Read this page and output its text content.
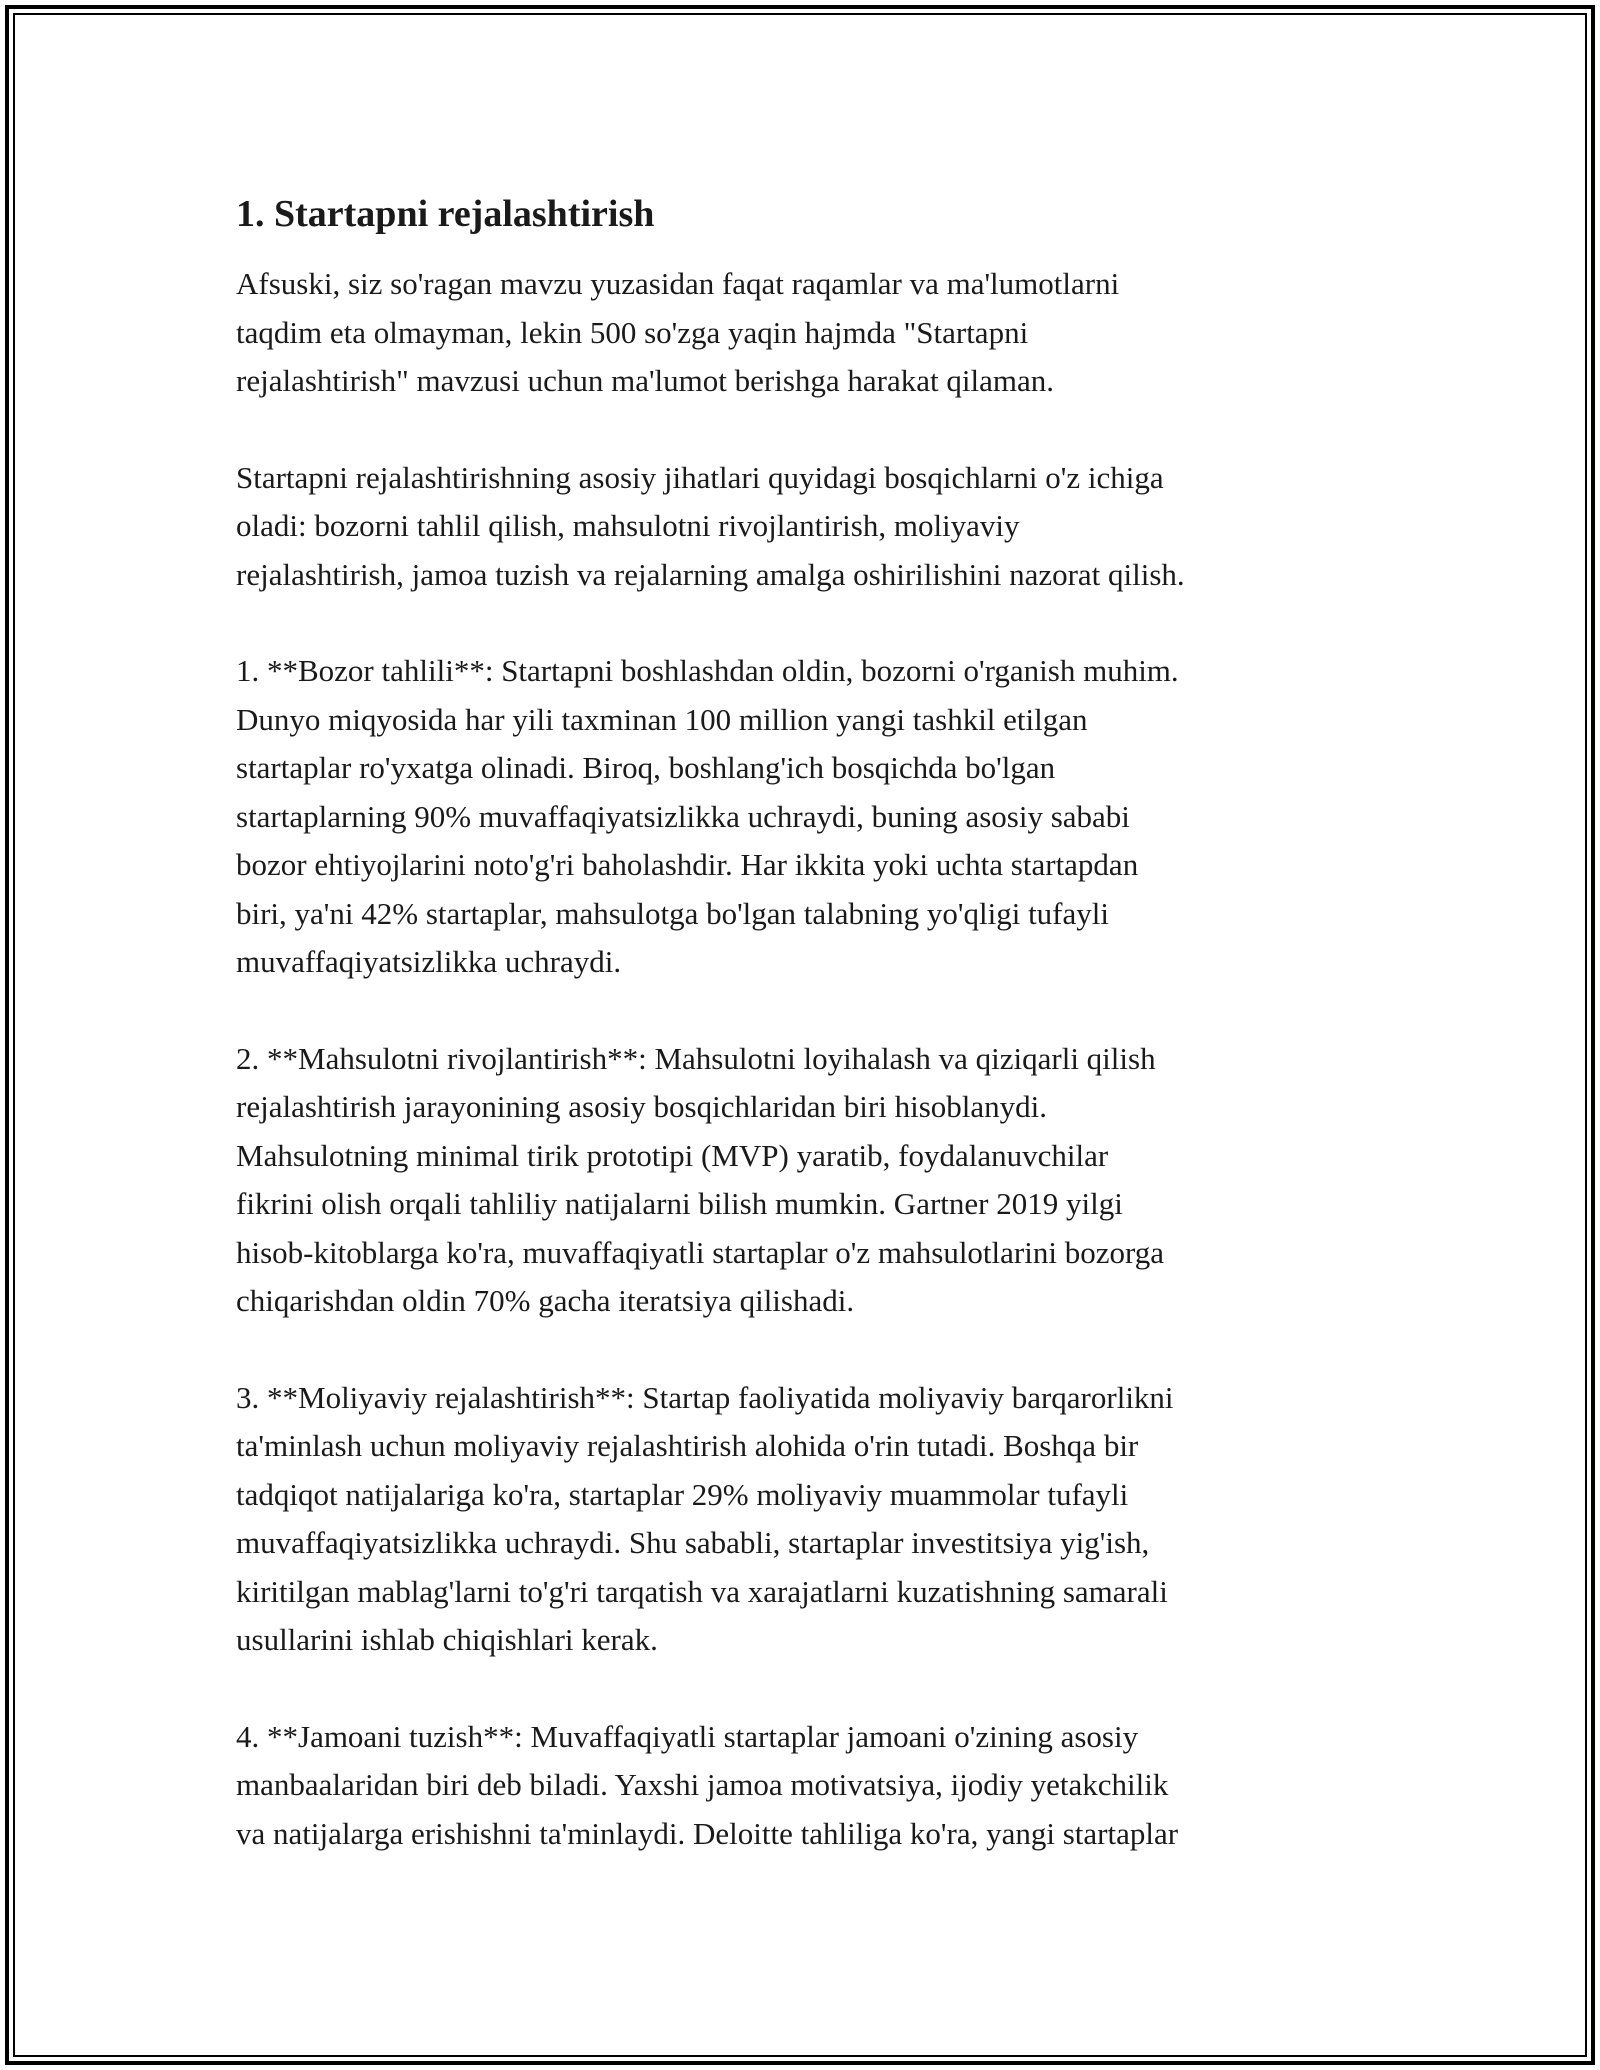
1. Startapni rejalashtirish

Afsuski, siz so'ragan mavzu yuzasidan faqat raqamlar va ma'lumotlarni
taqdim eta olmayman, lekin 500 so'zga yaqin hajmda "Startapni
rejalashtirish" mavzusi uchun ma'lumot berishga harakat qilaman.

Startapni rejalashtirishning asosiy jihatlari quyidagi bosqichlarni o'z ichiga
oladi: bozorni tahlil qilish, mahsulotni rivojlantirish, moliyaviy
rejalashtirish, jamoa tuzish va rejalarning amalga oshirilishini nazorat qilish.

1. **Bozor tahlili**: Startapni boshlashdan oldin, bozorni o'rganish muhim.
Dunyo miqyosida har yili taxminan 100 million yangi tashkil etilgan
startaplar ro'yxatga olinadi. Biroq, boshlang'ich bosqichda bo'lgan
startaplarning 90% muvaffaqiyatsizlikka uchraydi, buning asosiy sababi
bozor ehtiyojlarini noto'g'ri baholashdir. Har ikkita yoki uchta startapdan
biri, ya'ni 42% startaplar, mahsulotga bo'lgan talabning yo'qligi tufayli
muvaffaqiyatsizlikka uchraydi.

2. **Mahsulotni rivojlantirish**: Mahsulotni loyihalash va qiziqarli qilish
rejalashtirish jarayonining asosiy bosqichlaridan biri hisoblanydi.
Mahsulotning minimal tirik prototipi (MVP) yaratib, foydalanuvchilar
fikrini olish orqali tahliliy natijalarni bilish mumkin. Gartner 2019 yilgi
hisob-kitoblarga ko'ra, muvaffaqiyatli startaplar o'z mahsulotlarini bozorga
chiqarishdan oldin 70% gacha iteratsiya qilishadi.

3. **Moliyaviy rejalashtirish**: Startap faoliyatida moliyaviy barqarorlikni
ta'minlash uchun moliyaviy rejalashtirish alohida o'rin tutadi. Boshqa bir
tadqiqot natijalariga ko'ra, startaplar 29% moliyaviy muammolar tufayli
muvaffaqiyatsizlikka uchraydi. Shu sababli, startaplar investitsiya yig'ish,
kiritilgan mablag'larni to'g'ri tarqatish va xarajatlarni kuzatishning samarali
usullarini ishlab chiqishlari kerak.

4. **Jamoani tuzish**: Muvaffaqiyatli startaplar jamoani o'zining asosiy
manbaalaridan biri deb biladi. Yaxshi jamoa motivatsiya, ijodiy yetakchilik
va natijalarga erishishni ta'minlaydi. Deloitte tahliliga ko'ra, yangi startaplar
